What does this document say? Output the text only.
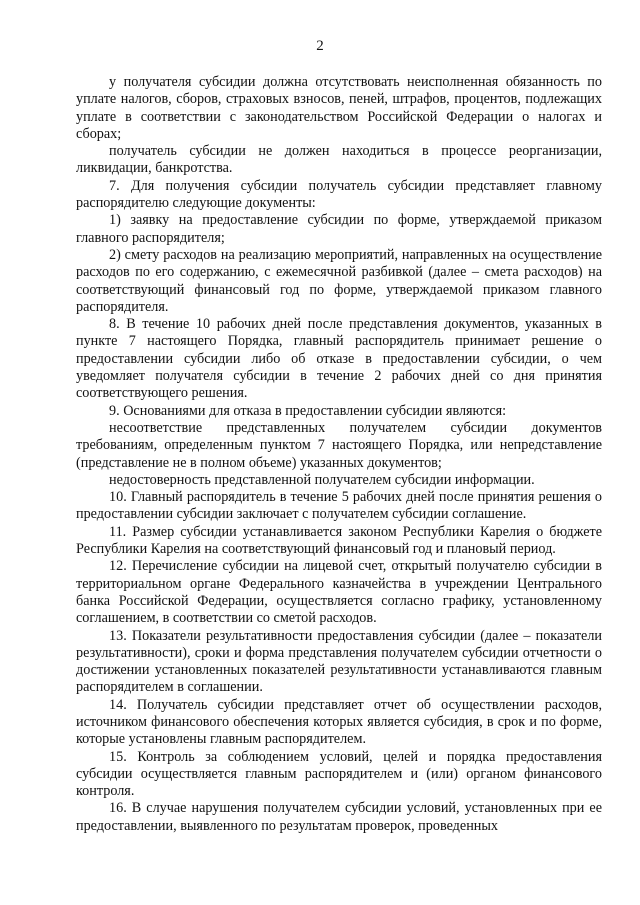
2

у получателя субсидии должна отсутствовать неисполненная обязанность по уплате налогов, сборов, страховых взносов, пеней, штрафов, процентов, подлежащих уплате в соответствии с законодательством Российской Федерации о налогах и сборах;

получатель субсидии не должен находиться в процессе реорганизации, ликвидации, банкротства.

7. Для получения субсидии получатель субсидии представляет главному распорядителю следующие документы:

1) заявку на предоставление субсидии по форме, утверждаемой приказом главного распорядителя;

2) смету расходов на реализацию мероприятий, направленных на осуществление расходов по его содержанию, с ежемесячной разбивкой (далее – смета расходов) на соответствующий финансовый год по форме, утверждаемой приказом главного распорядителя.

8. В течение 10 рабочих дней после представления документов, указанных в пункте 7 настоящего Порядка, главный распорядитель принимает решение о предоставлении субсидии либо об отказе в предоставлении субсидии, о чем уведомляет получателя субсидии в течение 2 рабочих дней со дня принятия соответствующего решения.

9. Основаниями для отказа в предоставлении субсидии являются:

несоответствие представленных получателем субсидии документов требованиям, определенным пунктом 7 настоящего Порядка, или непредставление (представление не в полном объеме) указанных документов;

недостоверность представленной получателем субсидии информации.

10. Главный распорядитель в течение 5 рабочих дней после принятия решения о предоставлении субсидии заключает с получателем субсидии соглашение.

11. Размер субсидии устанавливается законом Республики Карелия о бюджете Республики Карелия на соответствующий финансовый год и плановый период.

12. Перечисление субсидии на лицевой счет, открытый получателю субсидии в территориальном органе Федерального казначейства в учреждении Центрального банка Российской Федерации, осуществляется согласно графику, установленному соглашением, в соответствии со сметой расходов.

13. Показатели результативности предоставления субсидии (далее – показатели результативности), сроки и форма представления получателем субсидии отчетности о достижении установленных показателей результативности устанавливаются главным распорядителем в соглашении.

14. Получатель субсидии представляет отчет об осуществлении расходов, источником финансового обеспечения которых является субсидия, в срок и по форме, которые установлены главным распорядителем.

15. Контроль за соблюдением условий, целей и порядка предоставления субсидии осуществляется главным распорядителем и (или) органом финансового контроля.

16. В случае нарушения получателем субсидии условий, установленных при ее предоставлении, выявленного по результатам проверок, проведенных
